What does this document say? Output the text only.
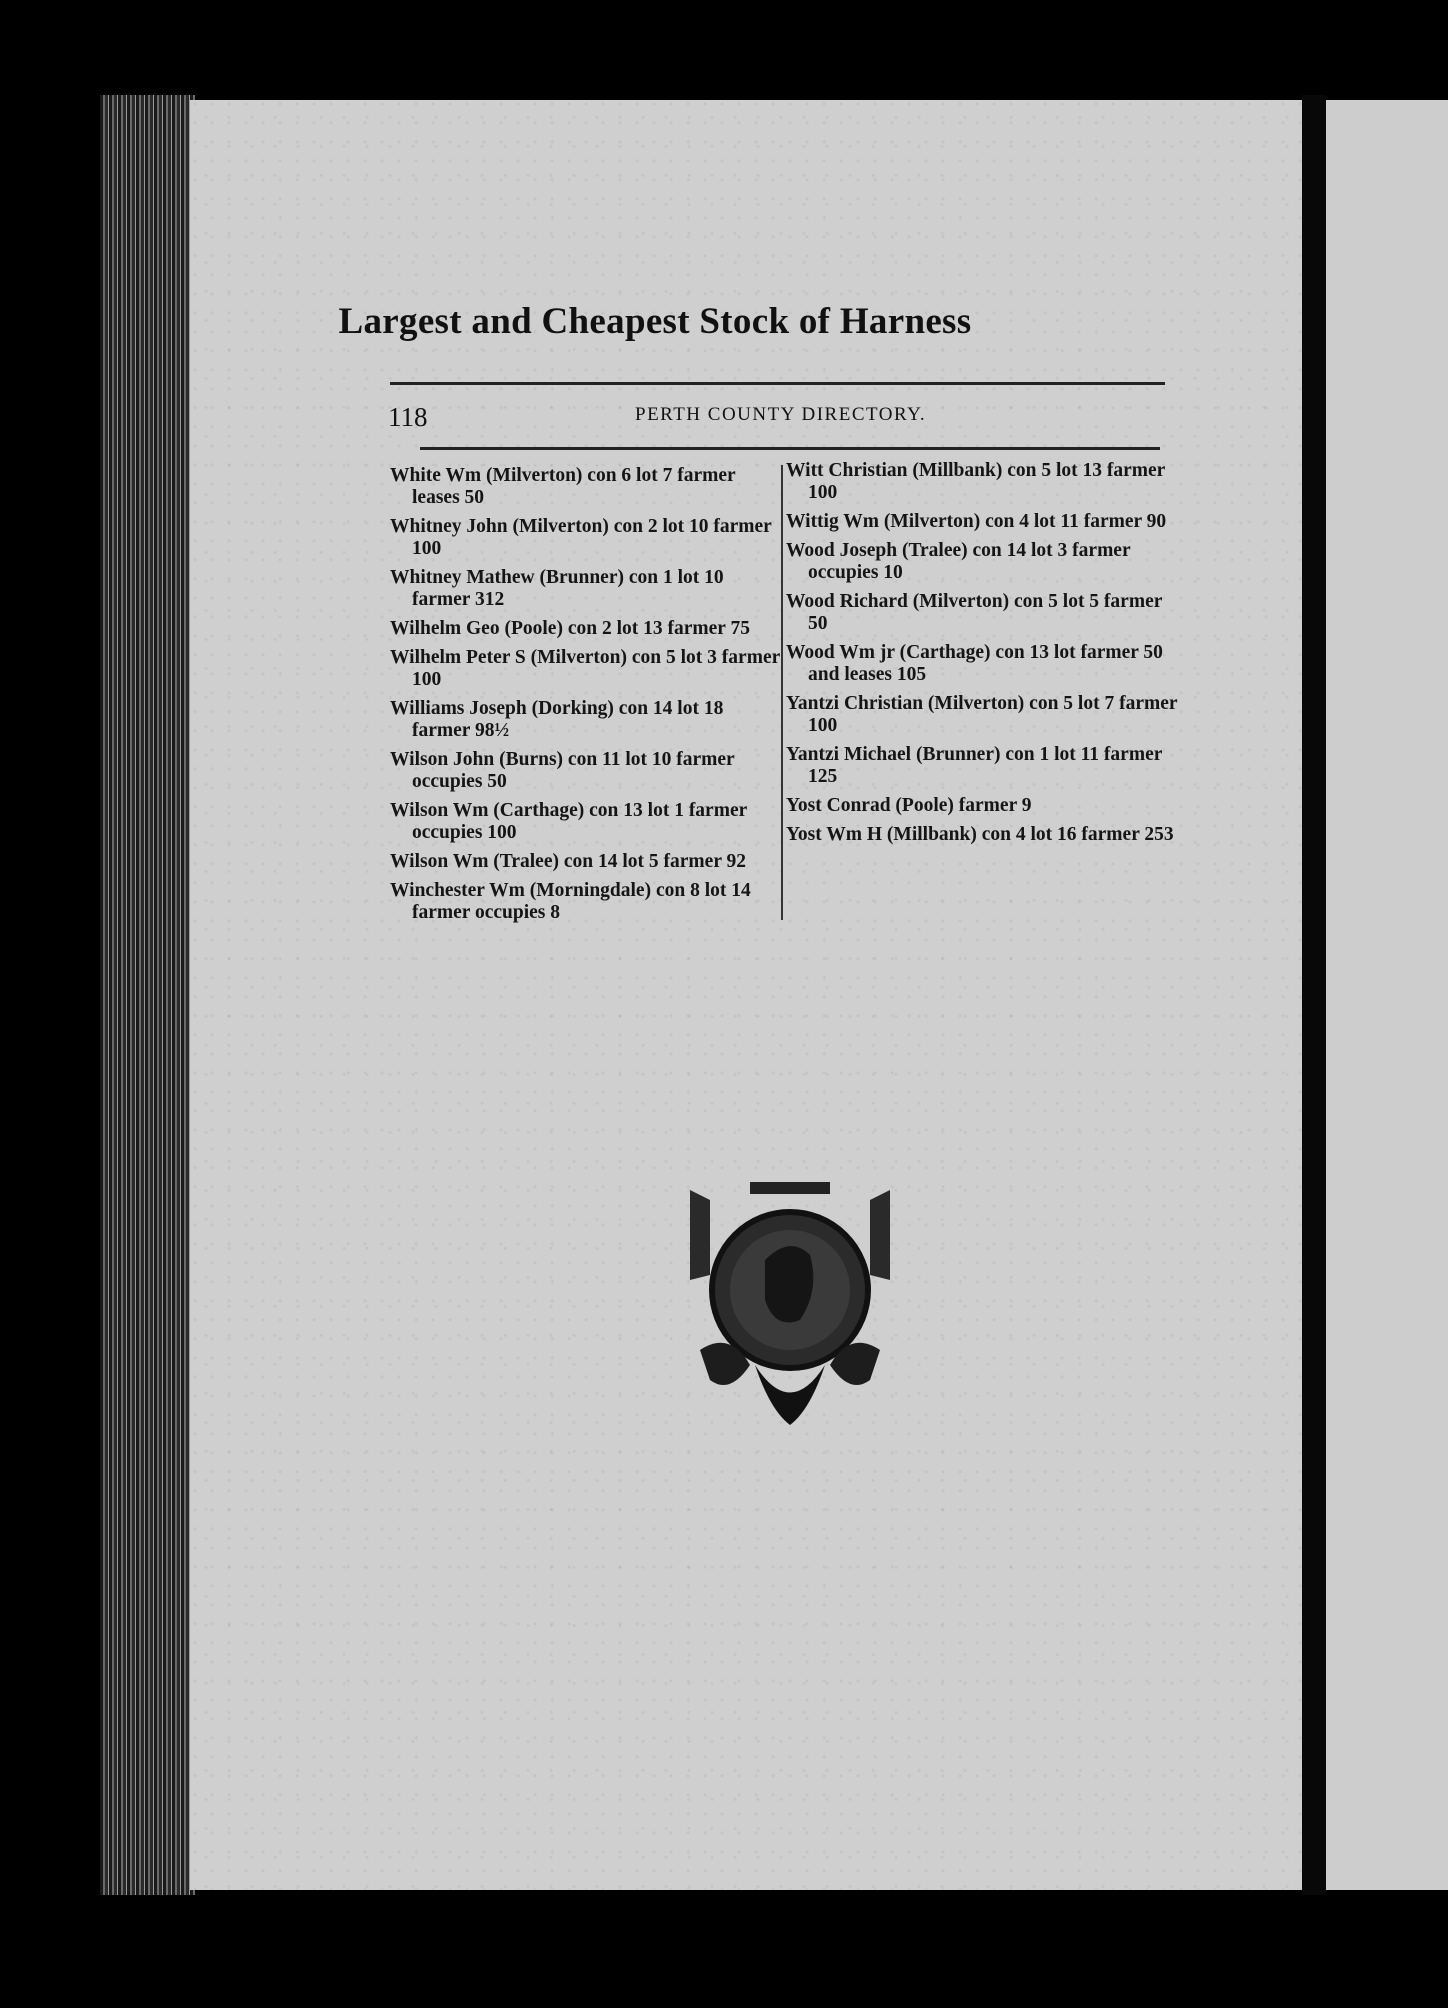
Largest and Cheapest Stock of Harness
118	PERTH COUNTY DIRECTORY.
White Wm (Milverton) con 6 lot 7 farmer leases 50
Whitney John (Milverton) con 2 lot 10 farmer 100
Whitney Mathew (Brunner) con 1 lot 10 farmer 312
Wilhelm Geo (Poole) con 2 lot 13 farmer 75
Wilhelm Peter S (Milverton) con 5 lot 3 farmer 100
Williams Joseph (Dorking) con 14 lot 18 farmer 98½
Wilson John (Burns) con 11 lot 10 farmer occupies 50
Wilson Wm (Carthage) con 13 lot 1 farmer occupies 100
Wilson Wm (Tralee) con 14 lot 5 farmer 92
Winchester Wm (Morningdale) con 8 lot 14 farmer occupies 8
Witt Christian (Millbank) con 5 lot 13 farmer 100
Wittig Wm (Milverton) con 4 lot 11 farmer 90
Wood Joseph (Tralee) con 14 lot 3 farmer occupies 10
Wood Richard (Milverton) con 5 lot 5 farmer 50
Wood Wm jr (Carthage) con 13 lot farmer 50 and leases 105
Yantzi Christian (Milverton) con 5 lot 7 farmer 100
Yantzi Michael (Brunner) con 1 lot 11 farmer 125
Yost Conrad (Poole) farmer 9
Yost Wm H (Millbank) con 4 lot 16 farmer 253
